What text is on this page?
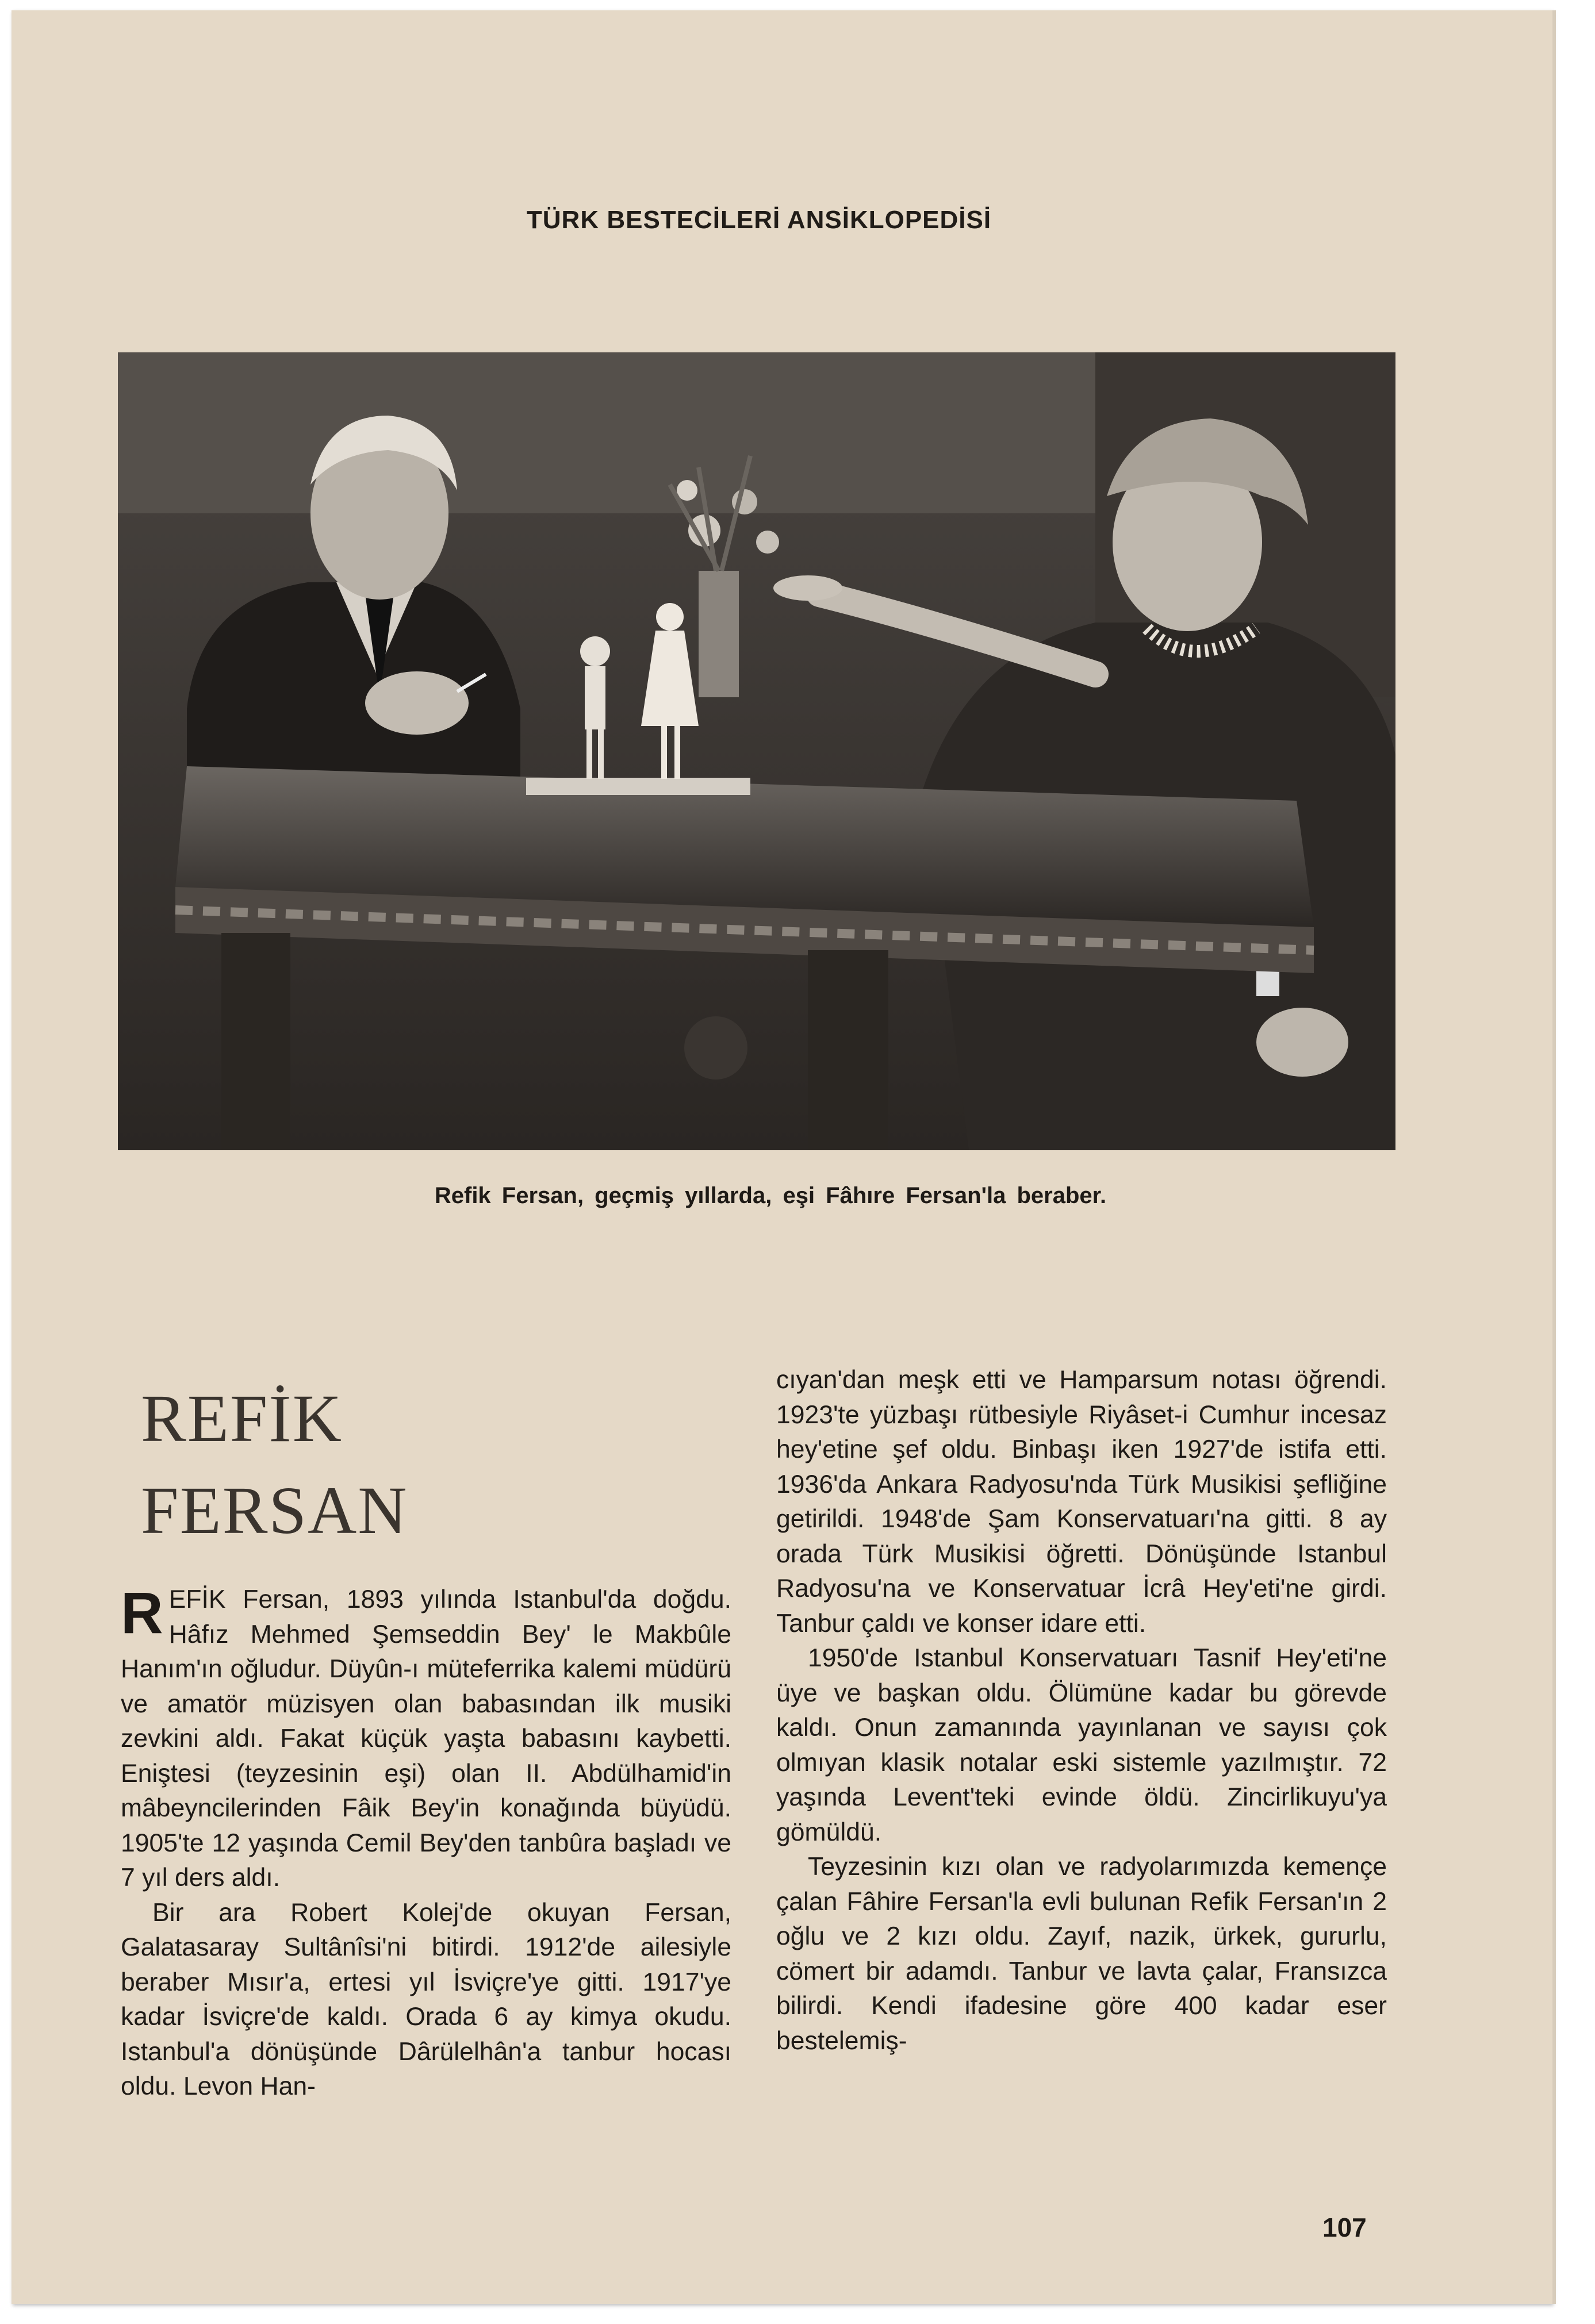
TÜRK BESTECİLERİ ANSİKLOPEDİSİ
Refik Fersan, geçmiş yıllarda, eşi Fâhıre Fersan'la beraber.
REFİK
FERSAN

REFİK Fersan, 1893 yılında Istanbul'da doğdu. Hâfız Mehmed Şemseddin Bey' le Makbûle Hanım'ın oğludur. Düyûn-ı müteferrika kalemi müdürü ve amatör müzisyen olan babasından ilk musiki zevkini aldı. Fakat küçük yaşta babasını kaybetti. Eniştesi (teyzesinin eşi) olan II. Abdülhamid'in mâbeyncilerinden Fâik Bey'in konağında büyüdü. 1905'te 12 yaşında Cemil Bey'den tanbûra başladı ve 7 yıl ders aldı.

Bir ara Robert Kolej'de okuyan Fersan, Galatasaray Sultânîsi'ni bitirdi. 1912'de ailesiyle beraber Mısır'a, ertesi yıl İsviçre'ye gitti. 1917'ye kadar İsviçre'de kaldı. Orada 6 ay kimya okudu. Istanbul'a dönüşünde Dârülelhân'a tanbur hocası oldu. Levon Han-

cıyan'dan meşk etti ve Hamparsum notası öğrendi. 1923'te yüzbaşı rütbesiyle Riyâset-i Cumhur incesaz hey'etine şef oldu. Binbaşı iken 1927'de istifa etti. 1936'da Ankara Radyosu'nda Türk Musikisi şefliğine getirildi. 1948'de Şam Konservatuarı'na gitti. 8 ay orada Türk Musikisi öğretti. Dönüşünde Istanbul Radyosu'na ve Konservatuar İcrâ Hey'eti'ne girdi. Tanbur çaldı ve konser idare etti.

1950'de Istanbul Konservatuarı Tasnif Hey'eti'ne üye ve başkan oldu. Ölümüne kadar bu görevde kaldı. Onun zamanında yayınlanan ve sayısı çok olmıyan klasik notalar eski sistemle yazılmıştır. 72 yaşında Levent'teki evinde öldü. Zincirlikuyu'ya gömüldü.

Teyzesinin kızı olan ve radyolarımızda kemençe çalan Fâhire Fersan'la evli bulunan Refik Fersan'ın 2 oğlu ve 2 kızı oldu. Zayıf, nazik, ürkek, gururlu, cömert bir adamdı. Tanbur ve lavta çalar, Fransızca bilirdi. Kendi ifadesine göre 400 kadar eser bestelemiş-

107
